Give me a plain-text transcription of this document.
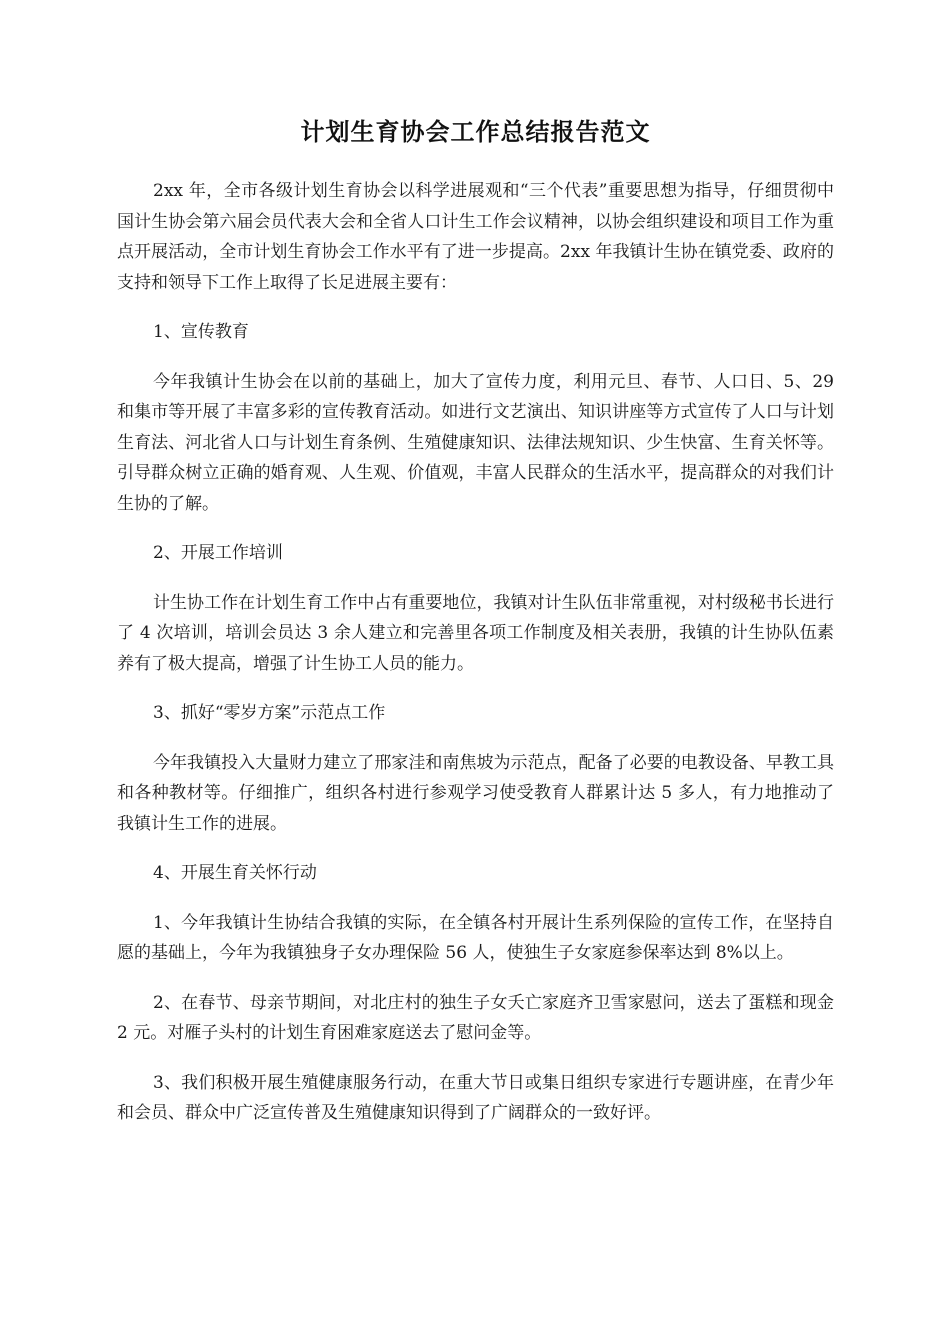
计划生育协会工作总结报告范文

2xx 年，全市各级计划生育协会以科学进展观和“三个代表”重要思想为指导，仔细贯彻中国计生协会第六届会员代表大会和全省人口计生工作会议精神，以协会组织建设和项目工作为重点开展活动，全市计划生育协会工作水平有了进一步提高。2xx 年我镇计生协在镇党委、政府的支持和领导下工作上取得了长足进展主要有：

1、宣传教育

今年我镇计生协会在以前的基础上，加大了宣传力度，利用元旦、春节、人口日、5、29 和集市等开展了丰富多彩的宣传教育活动。如进行文艺演出、知识讲座等方式宣传了人口与计划生育法、河北省人口与计划生育条例、生殖健康知识、法律法规知识、少生快富、生育关怀等。引导群众树立正确的婚育观、人生观、价值观，丰富人民群众的生活水平，提高群众的对我们计生协的了解。

2、开展工作培训

计生协工作在计划生育工作中占有重要地位，我镇对计生队伍非常重视，对村级秘书长进行了 4 次培训，培训会员达 3 余人建立和完善里各项工作制度及相关表册，我镇的计生协队伍素养有了极大提高，增强了计生协工人员的能力。

3、抓好“零岁方案”示范点工作

今年我镇投入大量财力建立了邢家洼和南焦坡为示范点，配备了必要的电教设备、早教工具和各种教材等。仔细推广，组织各村进行参观学习使受教育人群累计达 5 多人，有力地推动了我镇计生工作的进展。

4、开展生育关怀行动

1、今年我镇计生协结合我镇的实际，在全镇各村开展计生系列保险的宣传工作，在坚持自愿的基础上，今年为我镇独身子女办理保险 56 人，使独生子女家庭参保率达到 8%以上。

2、在春节、母亲节期间，对北庄村的独生子女夭亡家庭齐卫雪家慰问，送去了蛋糕和现金 2 元。对雁子头村的计划生育困难家庭送去了慰问金等。

3、我们积极开展生殖健康服务行动，在重大节日或集日组织专家进行专题讲座，在青少年和会员、群众中广泛宣传普及生殖健康知识得到了广阔群众的一致好评。
